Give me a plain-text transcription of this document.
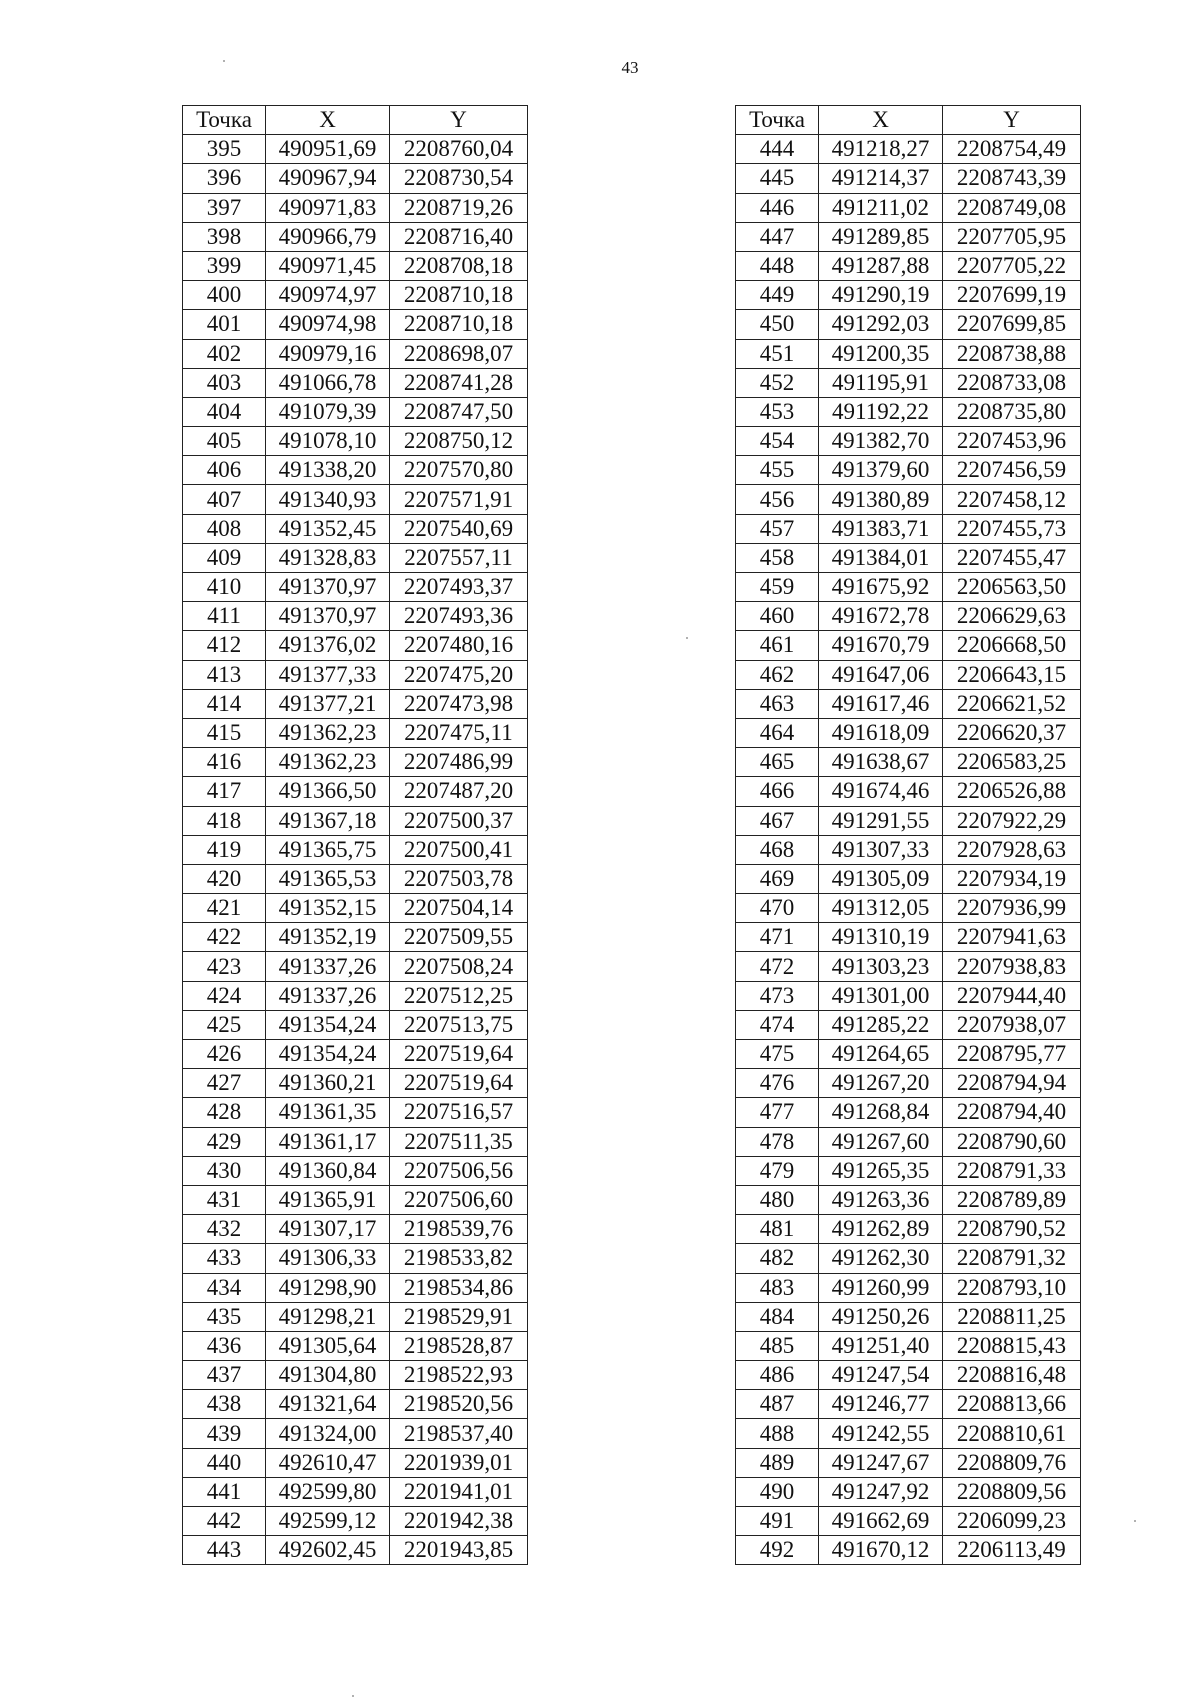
43
Точка	X	Y
395	490951,69	2208760,04
396	490967,94	2208730,54
397	490971,83	2208719,26
398	490966,79	2208716,40
399	490971,45	2208708,18
400	490974,97	2208710,18
401	490974,98	2208710,18
402	490979,16	2208698,07
403	491066,78	2208741,28
404	491079,39	2208747,50
405	491078,10	2208750,12
406	491338,20	2207570,80
407	491340,93	2207571,91
408	491352,45	2207540,69
409	491328,83	2207557,11
410	491370,97	2207493,37
411	491370,97	2207493,36
412	491376,02	2207480,16
413	491377,33	2207475,20
414	491377,21	2207473,98
415	491362,23	2207475,11
416	491362,23	2207486,99
417	491366,50	2207487,20
418	491367,18	2207500,37
419	491365,75	2207500,41
420	491365,53	2207503,78
421	491352,15	2207504,14
422	491352,19	2207509,55
423	491337,26	2207508,24
424	491337,26	2207512,25
425	491354,24	2207513,75
426	491354,24	2207519,64
427	491360,21	2207519,64
428	491361,35	2207516,57
429	491361,17	2207511,35
430	491360,84	2207506,56
431	491365,91	2207506,60
432	491307,17	2198539,76
433	491306,33	2198533,82
434	491298,90	2198534,86
435	491298,21	2198529,91
436	491305,64	2198528,87
437	491304,80	2198522,93
438	491321,64	2198520,56
439	491324,00	2198537,40
440	492610,47	2201939,01
441	492599,80	2201941,01
442	492599,12	2201942,38
443	492602,45	2201943,85
Точка	X	Y
444	491218,27	2208754,49
445	491214,37	2208743,39
446	491211,02	2208749,08
447	491289,85	2207705,95
448	491287,88	2207705,22
449	491290,19	2207699,19
450	491292,03	2207699,85
451	491200,35	2208738,88
452	491195,91	2208733,08
453	491192,22	2208735,80
454	491382,70	2207453,96
455	491379,60	2207456,59
456	491380,89	2207458,12
457	491383,71	2207455,73
458	491384,01	2207455,47
459	491675,92	2206563,50
460	491672,78	2206629,63
461	491670,79	2206668,50
462	491647,06	2206643,15
463	491617,46	2206621,52
464	491618,09	2206620,37
465	491638,67	2206583,25
466	491674,46	2206526,88
467	491291,55	2207922,29
468	491307,33	2207928,63
469	491305,09	2207934,19
470	491312,05	2207936,99
471	491310,19	2207941,63
472	491303,23	2207938,83
473	491301,00	2207944,40
474	491285,22	2207938,07
475	491264,65	2208795,77
476	491267,20	2208794,94
477	491268,84	2208794,40
478	491267,60	2208790,60
479	491265,35	2208791,33
480	491263,36	2208789,89
481	491262,89	2208790,52
482	491262,30	2208791,32
483	491260,99	2208793,10
484	491250,26	2208811,25
485	491251,40	2208815,43
486	491247,54	2208816,48
487	491246,77	2208813,66
488	491242,55	2208810,61
489	491247,67	2208809,76
490	491247,92	2208809,56
491	491662,69	2206099,23
492	491670,12	2206113,49
